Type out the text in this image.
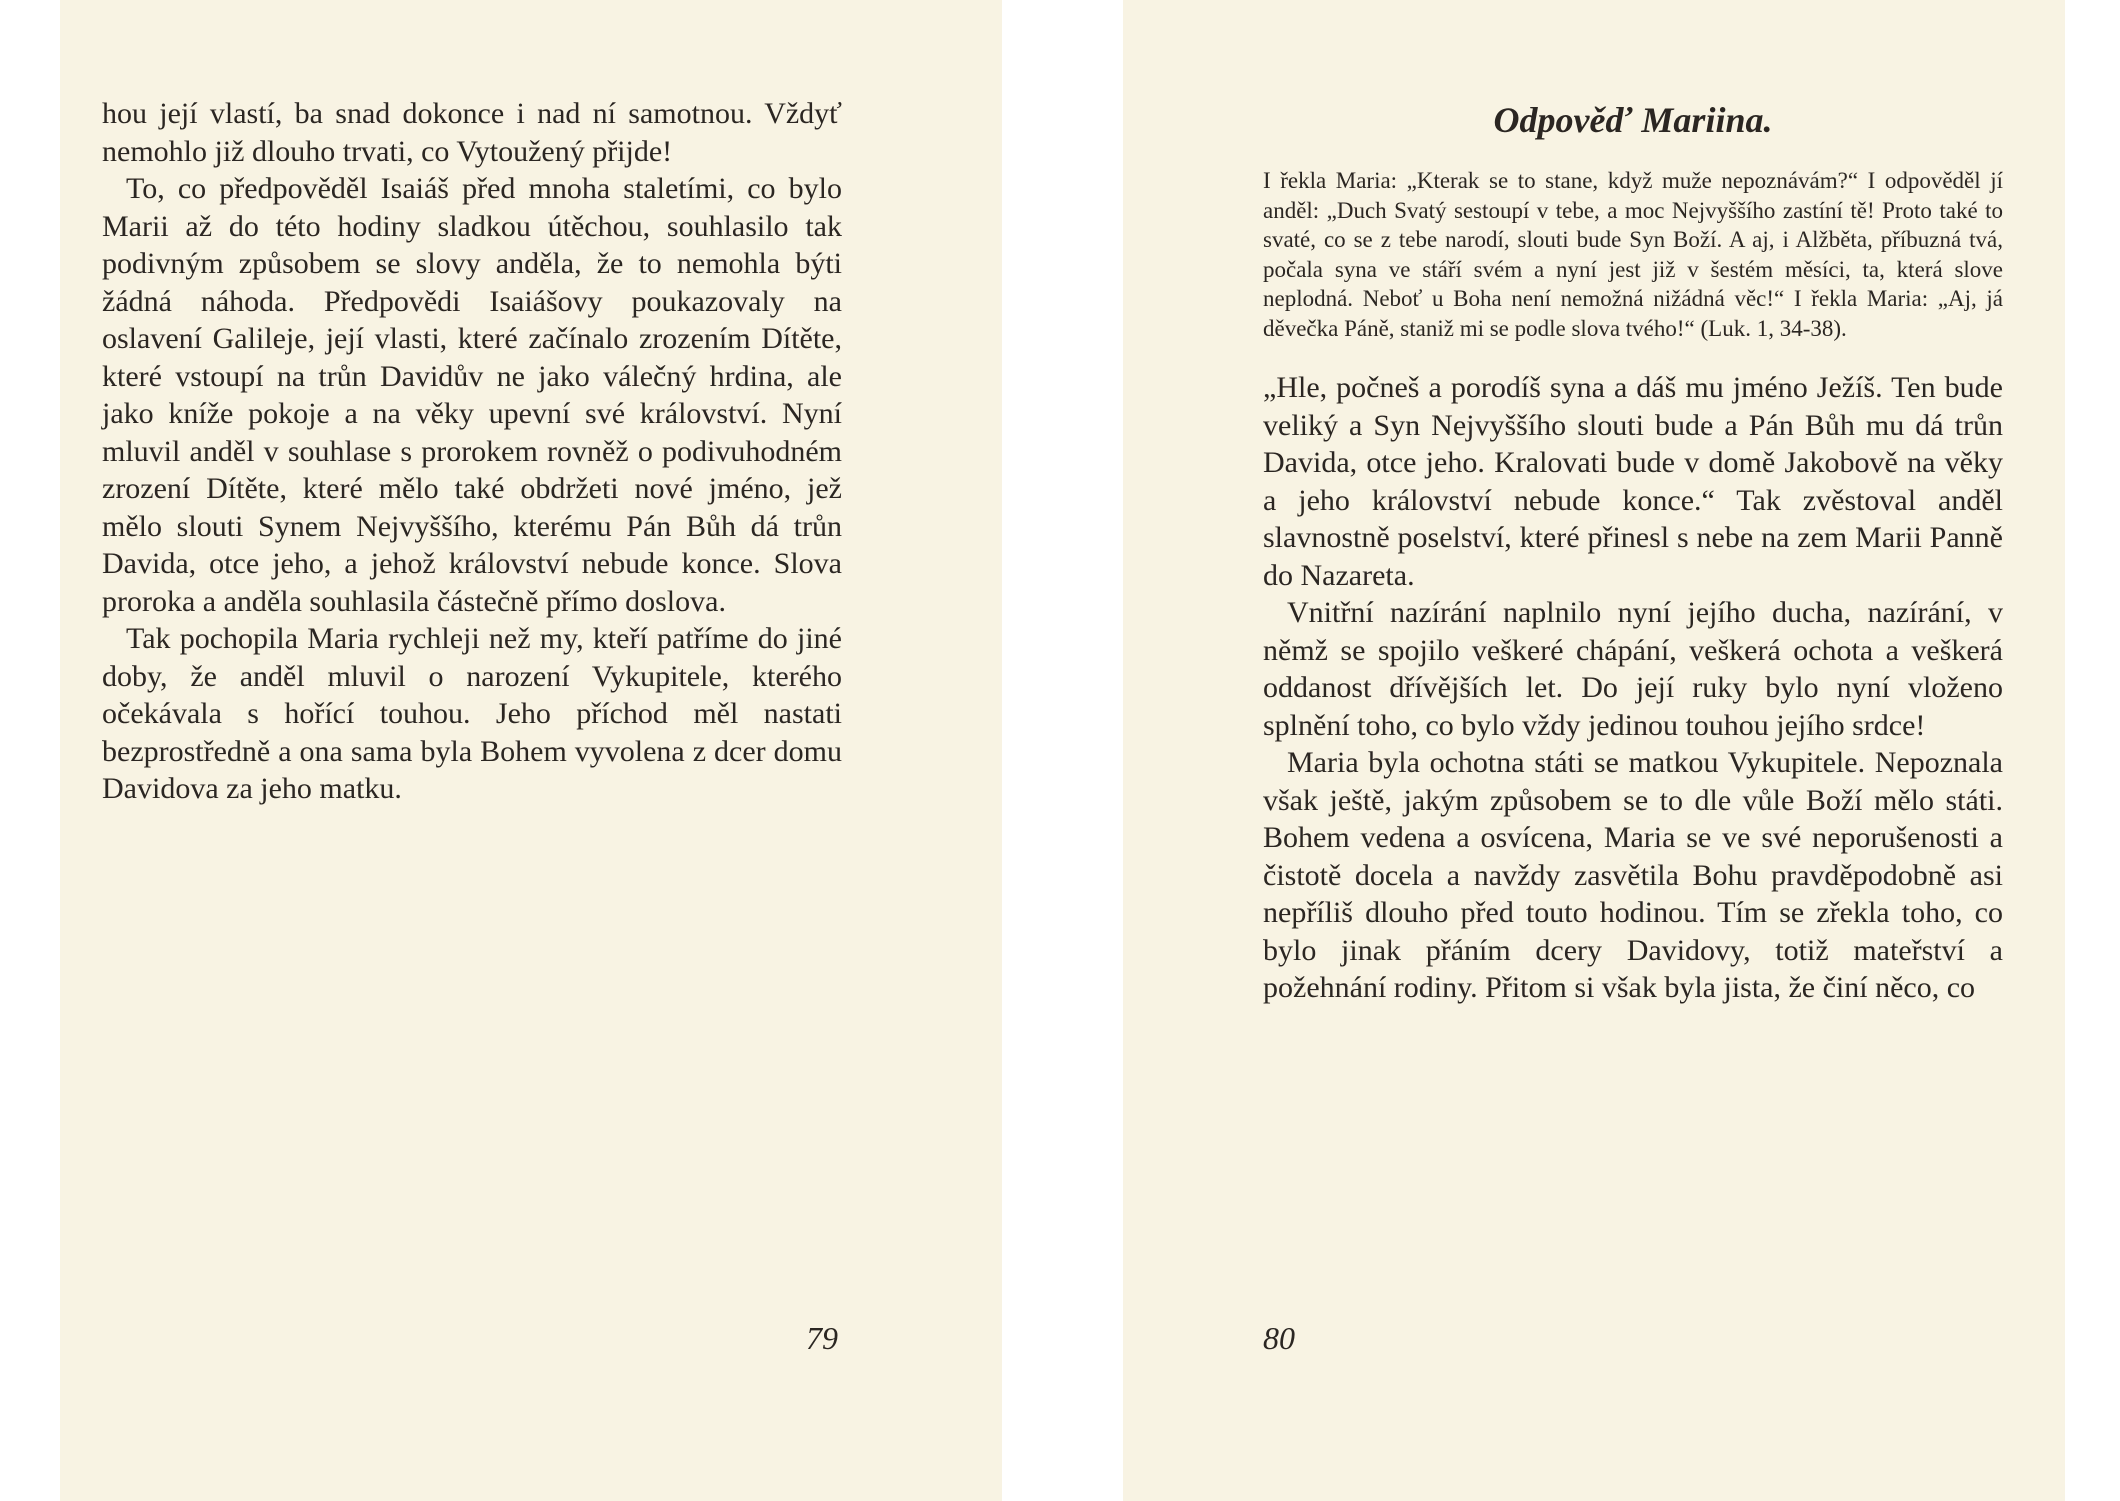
hou její vlastí, ba snad dokonce i nad ní samotnou. Vždyť nemohlo již dlouho trvati, co Vytoužený přijde!

To, co předpověděl Isaiáš před mnoha staletími, co bylo Marii až do této hodiny sladkou útěchou, souhlasilo tak podivným způsobem se slovy anděla, že to nemohla býti žádná náhoda. Předpovědi Isaiášovy poukazovaly na oslavení Galileje, její vlasti, které začínalo zrozením Dítěte, které vstoupí na trůn Davidův ne jako válečný hrdina, ale jako kníže pokoje a na věky upevní své království. Nyní mluvil anděl v souhlase s prorokem rovněž o podivuhodném zrození Dítěte, které mělo také obdržeti nové jméno, jež mělo slouti Synem Nejvyššího, kterému Pán Bůh dá trůn Davida, otce jeho, a jehož království nebude konce. Slova proroka a anděla souhlasila částečně přímo doslova.

Tak pochopila Maria rychleji než my, kteří patříme do jiné doby, že anděl mluvil o narození Vykupitele, kterého očekávala s hořící touhou. Jeho příchod měl nastati bezprostředně a ona sama byla Bohem vyvolena z dcer domu Davidova za jeho matku.

79
Odpověď Mariina.

I řekla Maria: „Kterak se to stane, když muže nepoznávám?“ I odpověděl jí anděl: „Duch Svatý sestoupí v tebe, a moc Nejvyššího zastíní tě! Proto také to svaté, co se z tebe narodí, slouti bude Syn Boží. A aj, i Alžběta, příbuzná tvá, počala syna ve stáří svém a nyní jest již v šestém měsíci, ta, která slove neplodná. Neboť u Boha není nemožná nižádná věc!“ I řekla Maria: „Aj, já děvečka Páně, staniž mi se podle slova tvého!“ (Luk. 1, 34-38).

„Hle, počneš a porodíš syna a dáš mu jméno Ježíš. Ten bude veliký a Syn Nejvyššího slouti bude a Pán Bůh mu dá trůn Davida, otce jeho. Kralovati bude v domě Jakobově na věky a jeho království nebude konce.“ Tak zvěstoval anděl slavnostně poselství, které přinesl s nebe na zem Marii Panně do Nazareta.

Vnitřní nazírání naplnilo nyní jejího ducha, nazírání, v němž se spojilo veškeré chápání, veškerá ochota a veškerá oddanost dřívějších let. Do její ruky bylo nyní vloženo splnění toho, co bylo vždy jedinou touhou jejího srdce!

Maria byla ochotna státi se matkou Vykupitele. Nepoznala však ještě, jakým způsobem se to dle vůle Boží mělo státi. Bohem vedena a osvícena, Maria se ve své neporušenosti a čistotě docela a navždy zasvětila Bohu pravděpodobně asi nepříliš dlouho před touto hodinou. Tím se zřekla toho, co bylo jinak přáním dcery Davidovy, totiž mateřství a požehnání rodiny. Přitom si však byla jista, že činí něco, co

80
